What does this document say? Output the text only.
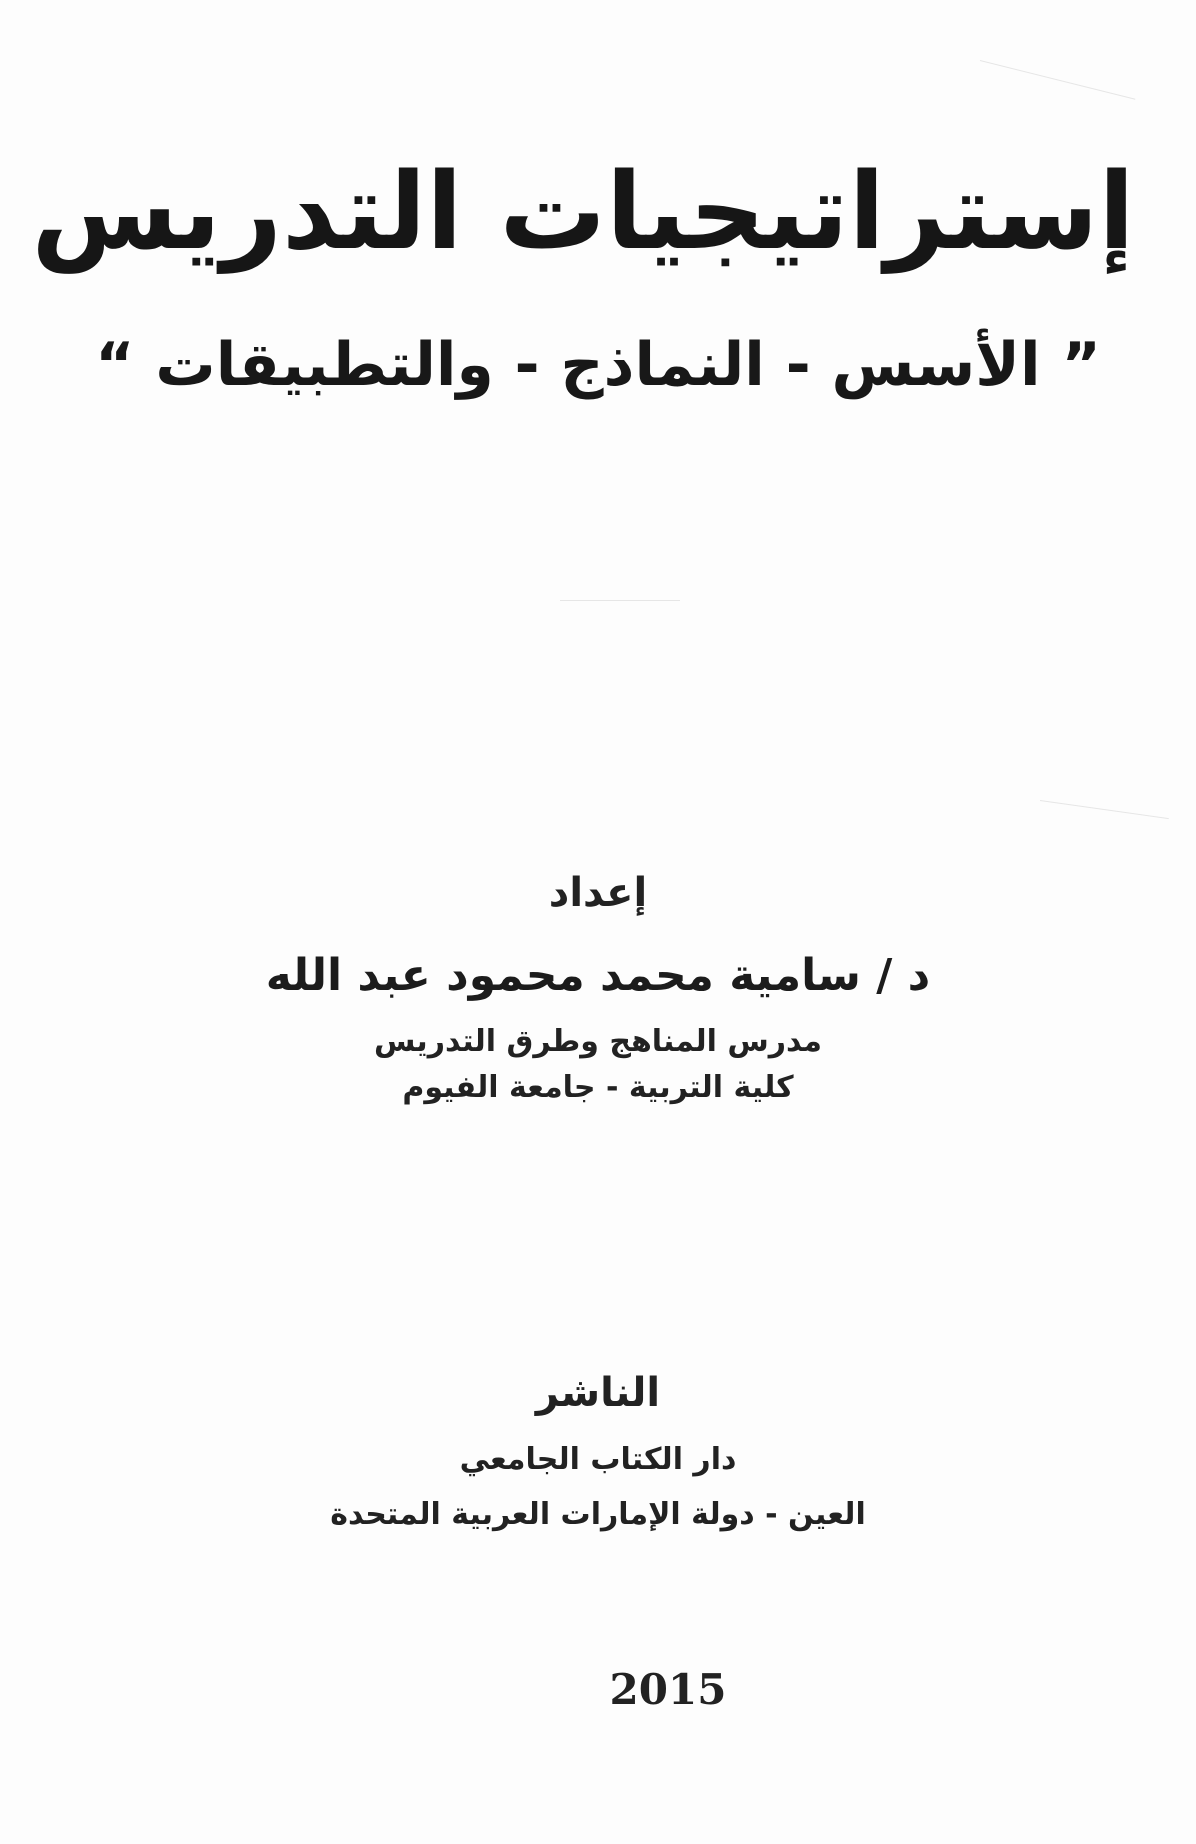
إستراتيجيات التدريس
” الأسس - النماذج - والتطبيقات “
إعداد
د / سامية محمد محمود عبد الله
مدرس المناهج وطرق التدريس
كلية التربية - جامعة الفيوم
الناشر
دار الكتاب الجامعي
العين - دولة الإمارات العربية المتحدة
2015
